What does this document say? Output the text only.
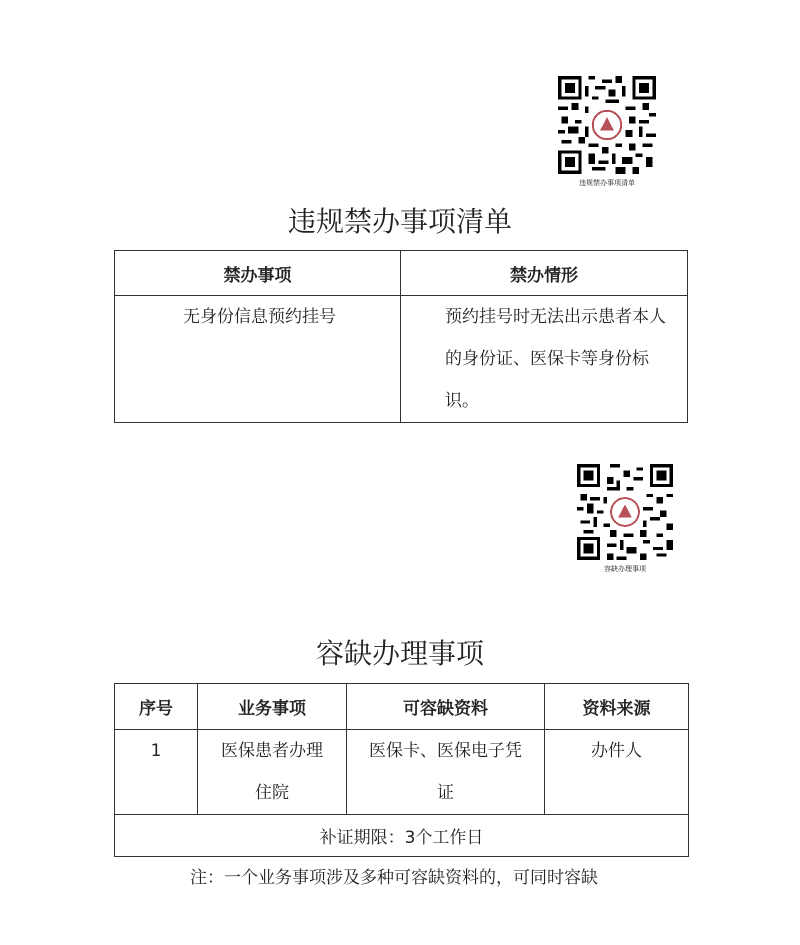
违规禁办事项清单
违规禁办事项清单
禁办事项	禁办情形
无身份信息预约挂号	预约挂号时无法出示患者本人的身份证、医保卡等身份标识。
容缺办理事项
容缺办理事项
序号	业务事项	可容缺资料	资料来源
1	医保患者办理住院	医保卡、医保电子凭证	办件人
补证期限：3个工作日			
注：一个业务事项涉及多种可容缺资料的，可同时容缺
